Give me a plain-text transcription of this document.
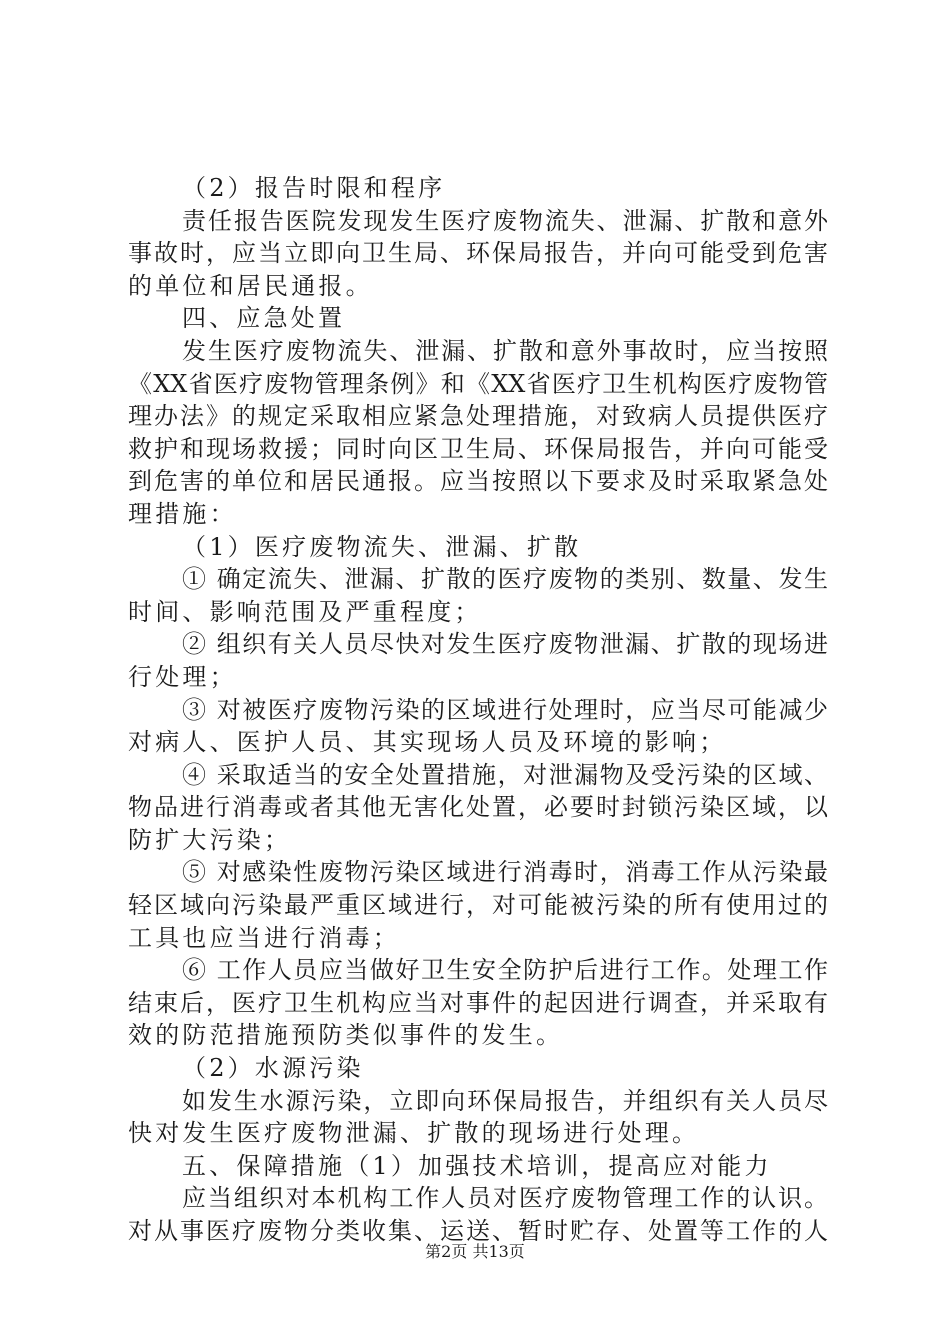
（2）报告时限和程序
责任报告医院发现发生医疗废物流失、泄漏、扩散和意外
事故时，应当立即向卫生局、环保局报告，并向可能受到危害
的单位和居民通报。
四、应急处置
发生医疗废物流失、泄漏、扩散和意外事故时，应当按照
《XX省医疗废物管理条例》和《XX省医疗卫生机构医疗废物管
理办法》的规定采取相应紧急处理措施，对致病人员提供医疗
救护和现场救援；同时向区卫生局、环保局报告，并向可能受
到危害的单位和居民通报。应当按照以下要求及时采取紧急处
理措施：
（1）医疗废物流失、泄漏、扩散
① 确定流失、泄漏、扩散的医疗废物的类别、数量、发生
时间、影响范围及严重程度；
② 组织有关人员尽快对发生医疗废物泄漏、扩散的现场进
行处理；
③ 对被医疗废物污染的区域进行处理时，应当尽可能减少
对病人、医护人员、其实现场人员及环境的影响；
④ 采取适当的安全处置措施，对泄漏物及受污染的区域、
物品进行消毒或者其他无害化处置，必要时封锁污染区域，以
防扩大污染；
⑤ 对感染性废物污染区域进行消毒时，消毒工作从污染最
轻区域向污染最严重区域进行，对可能被污染的所有使用过的
工具也应当进行消毒；
⑥ 工作人员应当做好卫生安全防护后进行工作。处理工作
结束后，医疗卫生机构应当对事件的起因进行调查，并采取有
效的防范措施预防类似事件的发生。
（2）水源污染
如发生水源污染，立即向环保局报告，并组织有关人员尽
快对发生医疗废物泄漏、扩散的现场进行处理。
五、保障措施（1）加强技术培训，提高应对能力
应当组织对本机构工作人员对医疗废物管理工作的认识。
对从事医疗废物分类收集、运送、暂时贮存、处置等工作的人
第2页 共13页
